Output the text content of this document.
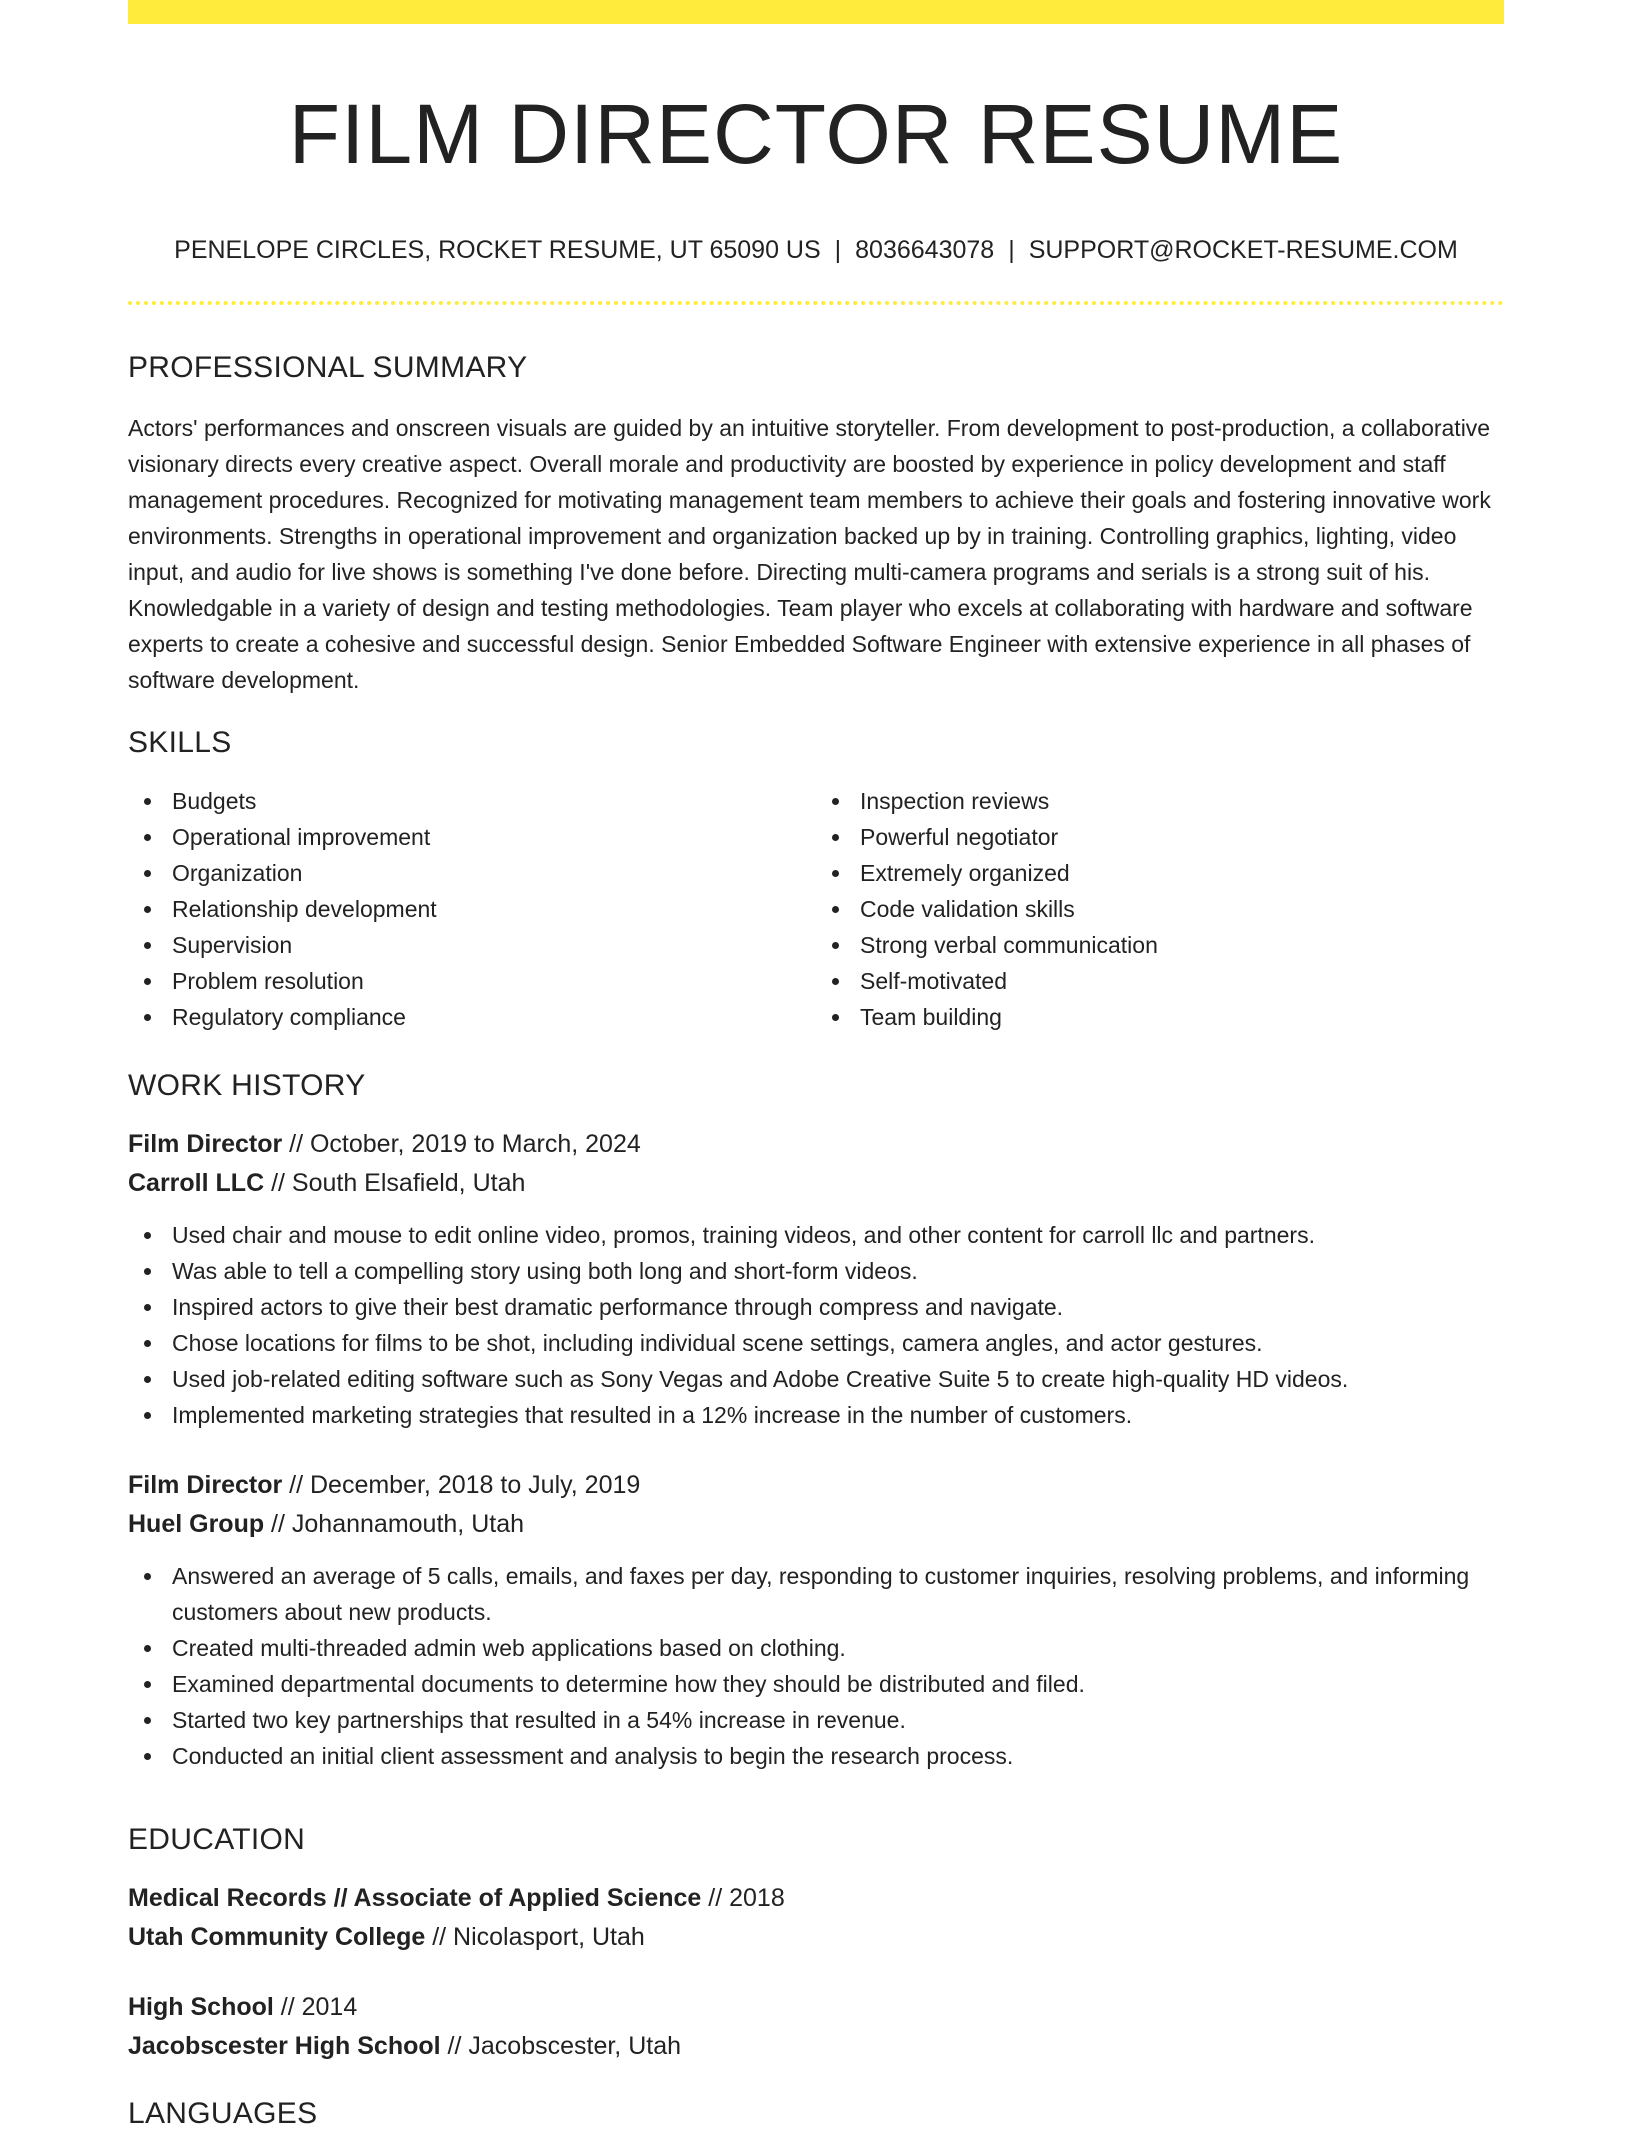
FILM DIRECTOR RESUME
PENELOPE CIRCLES, ROCKET RESUME, UT 65090 US | 8036643078 | SUPPORT@ROCKET-RESUME.COM
PROFESSIONAL SUMMARY

Actors' performances and onscreen visuals are guided by an intuitive storyteller. From development to post-production, a collaborative visionary directs every creative aspect. Overall morale and productivity are boosted by experience in policy development and staff management procedures. Recognized for motivating management team members to achieve their goals and fostering innovative work environments. Strengths in operational improvement and organization backed up by in training. Controlling graphics, lighting, video input, and audio for live shows is something I've done before. Directing multi-camera programs and serials is a strong suit of his. Knowledgable in a variety of design and testing methodologies. Team player who excels at collaborating with hardware and software experts to create a cohesive and successful design. Senior Embedded Software Engineer with extensive experience in all phases of software development.

SKILLS
Budgets
Operational improvement
Organization
Relationship development
Supervision
Problem resolution
Regulatory compliance
Inspection reviews
Powerful negotiator
Extremely organized
Code validation skills
Strong verbal communication
Self-motivated
Team building
WORK HISTORY
Film Director // October, 2019 to March, 2024
Carroll LLC // South Elsafield, Utah
Used chair and mouse to edit online video, promos, training videos, and other content for carroll llc and partners.
Was able to tell a compelling story using both long and short-form videos.
Inspired actors to give their best dramatic performance through compress and navigate.
Chose locations for films to be shot, including individual scene settings, camera angles, and actor gestures.
Used job-related editing software such as Sony Vegas and Adobe Creative Suite 5 to create high-quality HD videos.
Implemented marketing strategies that resulted in a 12% increase in the number of customers.
Film Director // December, 2018 to July, 2019
Huel Group // Johannamouth, Utah
Answered an average of 5 calls, emails, and faxes per day, responding to customer inquiries, resolving problems, and informing customers about new products.
Created multi-threaded admin web applications based on clothing.
Examined departmental documents to determine how they should be distributed and filed.
Started two key partnerships that resulted in a 54% increase in revenue.
Conducted an initial client assessment and analysis to begin the research process.
EDUCATION
Medical Records // Associate of Applied Science // 2018
Utah Community College // Nicolasport, Utah
High School // 2014
Jacobscester High School // Jacobscester, Utah
LANGUAGES
